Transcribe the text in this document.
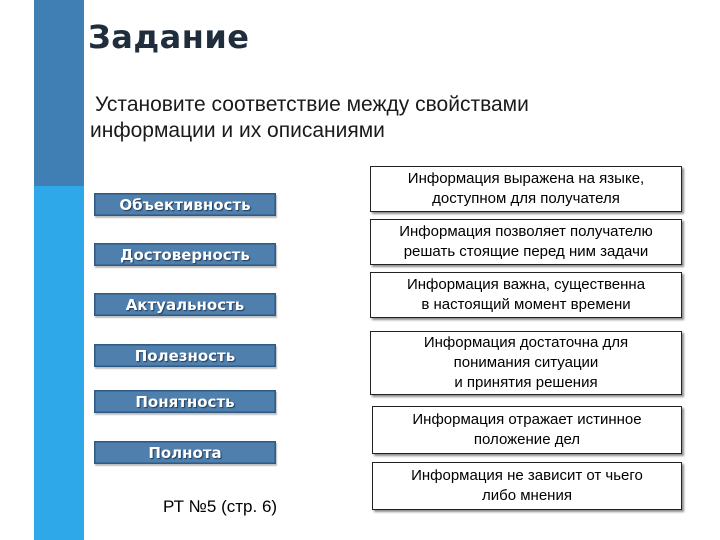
Задание
Установите соответствие между свойствами
информации и их описаниями
Объективность
Достоверность
Актуальность
Полезность
Понятность
Полнота
Информация выражена на языке,
доступном для получателя
Информация позволяет получателю
решать стоящие перед ним задачи
Информация важна, существенна
в настоящий момент времени
Информация достаточна для
понимания ситуации
и принятия решения
Информация отражает истинное
положение дел
Информация не зависит от чьего
либо мнения
РТ №5 (стр. 6)
